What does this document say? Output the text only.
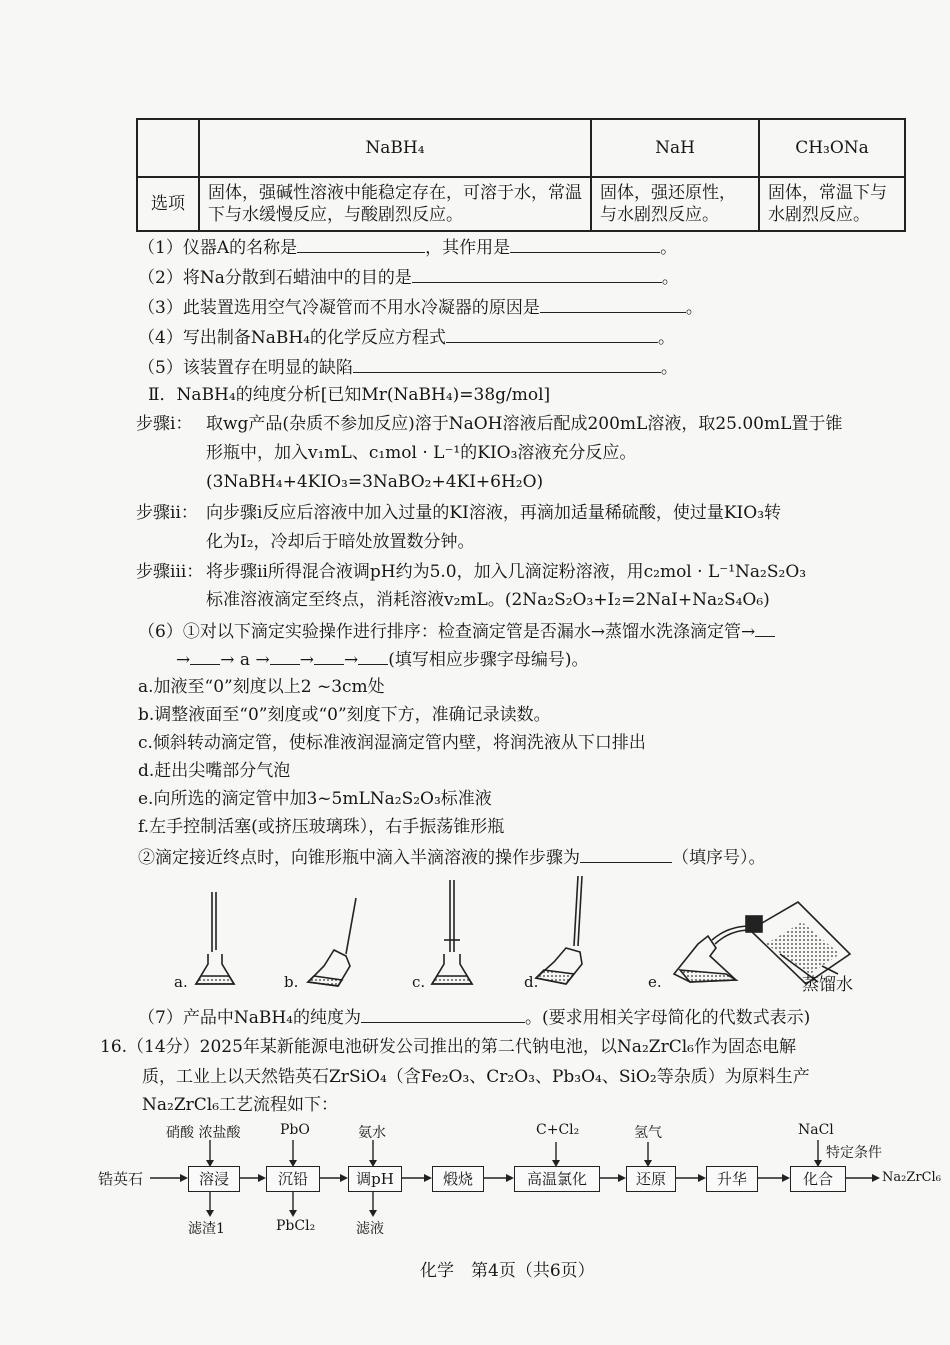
	NaBH₄	NaH	CH₃ONa
选项	固体，强碱性溶液中能稳定存在，可溶于水，常温下与水缓慢反应，与酸剧烈反应。	固体，强还原性，与水剧烈反应。	固体，常温下与水剧烈反应。
（1）仪器A的名称是	，其作用是	。
（2）将Na分散到石蜡油中的目的是	。
（3）此装置选用空气冷凝管而不用水冷凝器的原因是	。
（4）写出制备NaBH₄的化学反应方程式	。
（5）该装置存在明显的缺陷	。
Ⅱ．NaBH₄的纯度分析[已知Mr(NaBH₄)=38g/mol]
步骤i： 取wg产品(杂质不参加反应)溶于NaOH溶液后配成200mL溶液，取25.00mL置于锥
形瓶中，加入v₁mL、c₁mol · L⁻¹的KIO₃溶液充分反应。
(3NaBH₄+4KIO₃=3NaBO₂+4KI+6H₂O)
步骤ⅱ： 向步骤i反应后溶液中加入过量的KI溶液，再滴加适量稀硫酸，使过量KIO₃转
化为I₂，冷却后于暗处放置数分钟。
步骤ⅲ： 将步骤ⅱ所得混合液调pH约为5.0，加入几滴淀粉溶液，用c₂mol · L⁻¹Na₂S₂O₃
标准溶液滴定至终点，消耗溶液v₂mL。(2Na₂S₂O₃+I₂=2NaI+Na₂S₄O₆)
（6）①对以下滴定实验操作进行排序：检查滴定管是否漏水→蒸馏水洗涤滴定管→
→ → a → → → (填写相应步骤字母编号)。
a.加液至“0”刻度以上2 ~3cm处
b.调整液面至“0”刻度或“0”刻度下方，准确记录读数。
c.倾斜转动滴定管，使标准液润湿滴定管内壁，将润洗液从下口排出
d.赶出尖嘴部分气泡
e.向所选的滴定管中加3~5mLNa₂S₂O₃标准液
f.左手控制活塞(或挤压玻璃珠），右手振荡锥形瓶
②滴定接近终点时，向锥形瓶中滴入半滴溶液的操作步骤为	（填序号）。
a.	b.	c.	d.	e.	蒸馏水
（7）产品中NaBH₄的纯度为	。(要求用相关字母简化的代数式表示)
16.（14分）2025年某新能源电池研发公司推出的第二代钠电池，以Na₂ZrCl₆作为固态电解
质，工业上以天然锆英石ZrSiO₄（含Fe₂O₃、Cr₂O₃、Pb₃O₄、SiO₂等杂质）为原料生产
Na₂ZrCl₆工艺流程如下：
锆英石	溶浸	沉铅	调pH	煅烧	高温氯化	还原	升华	化合	Na₂ZrCl₆
硝酸 浓盐酸	PbO	氨水	C+Cl₂	氢气	NaCl
特定条件
滤渣1	PbCl₂	滤液
化学　第4页（共6页）
